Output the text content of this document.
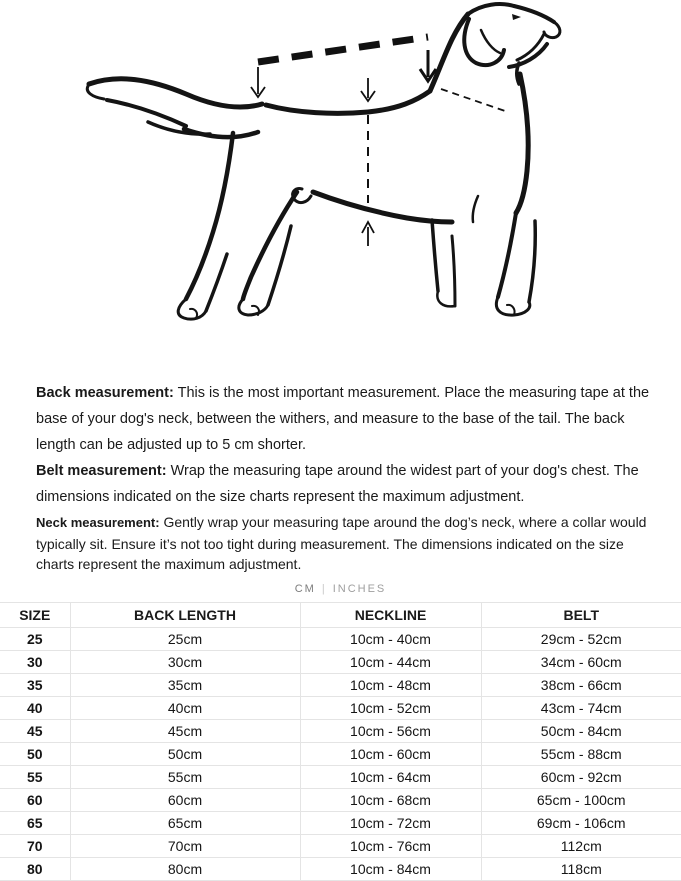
Back measurement: This is the most important measurement. Place the measuring tape at the base of your dog's neck, between the withers, and measure to the base of the tail. The back length can be adjusted up to 5 cm shorter.

Belt measurement: Wrap the measuring tape around the widest part of your dog's chest. The dimensions indicated on the size charts represent the maximum adjustment.

Neck measurement: Gently wrap your measuring tape around the dog’s neck, where a collar would typically sit. Ensure it’s not too tight during measurement. The dimensions indicated on the size charts represent the maximum adjustment.

CM | INCHES
SIZE	BACK LENGTH	NECKLINE	BELT
25	25cm	10cm - 40cm	29cm - 52cm
30	30cm	10cm - 44cm	34cm - 60cm
35	35cm	10cm - 48cm	38cm - 66cm
40	40cm	10cm - 52cm	43cm - 74cm
45	45cm	10cm - 56cm	50cm - 84cm
50	50cm	10cm - 60cm	55cm - 88cm
55	55cm	10cm - 64cm	60cm - 92cm
60	60cm	10cm - 68cm	65cm - 100cm
65	65cm	10cm - 72cm	69cm - 106cm
70	70cm	10cm - 76cm	112cm
80	80cm	10cm - 84cm	118cm
